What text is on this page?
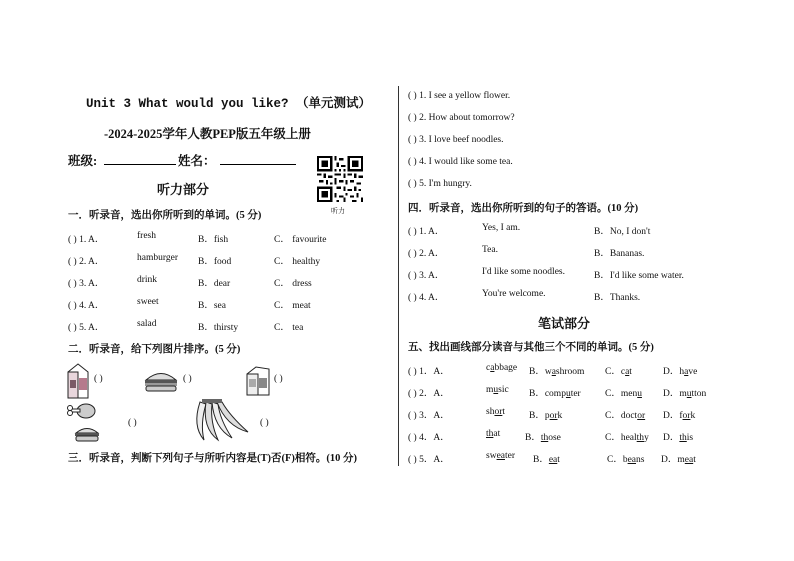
Unit 3 What would you like? （单元测试）
-2024-2025学年人教PEP版五年级上册
班级:	姓名：
听力
听力部分
一．听录音，选出你所听到的单词。(5 分)
( ) 1. A．	fresh	B．fish	C． favourite
( ) 2. A．	hamburger B．food	C． healthy
( ) 3. A．	drink	B．dear	C． dress
( ) 4. A．	sweet	B．sea	C． meat
( ) 5. A．	salad	B．thirsty	C． tea
二．听录音，给下列图片排序。(5 分)
( )	( )	( )
( )	( )
三．听录音，判断下列句子与所听内容是(T)否(F)相符。(10 分)
( ) 1. I see a yellow flower.
( ) 2. How about tomorrow?
( ) 3. I love beef noodles.
( ) 4. I would like some tea.
( ) 5. I'm hungry.
四．听录音，选出你所听到的句子的答语。(10 分)
( ) 1. A．	Yes, I am.	B．No, I don't
( ) 2. A．	Tea.	B．Bananas.
( ) 3. A．	I'd like some noodles.	B．I'd like some water.
( ) 4. A．	You're welcome.	B．Thanks.
笔试部分
五、找出画线部分读音与其他三个不同的单词。(5 分)
( ) 1．A．	cabbage B．washroom C．cat	D．have
( ) 2．A．	music B．computer	C．menu D．mutton
( ) 3．A．	short	B．pork	C．doctor D．fork
( ) 4．A．	that	B．those	C．healthy D．this
( ) 5．A．	sweater B．eat	C．beans D．meat
